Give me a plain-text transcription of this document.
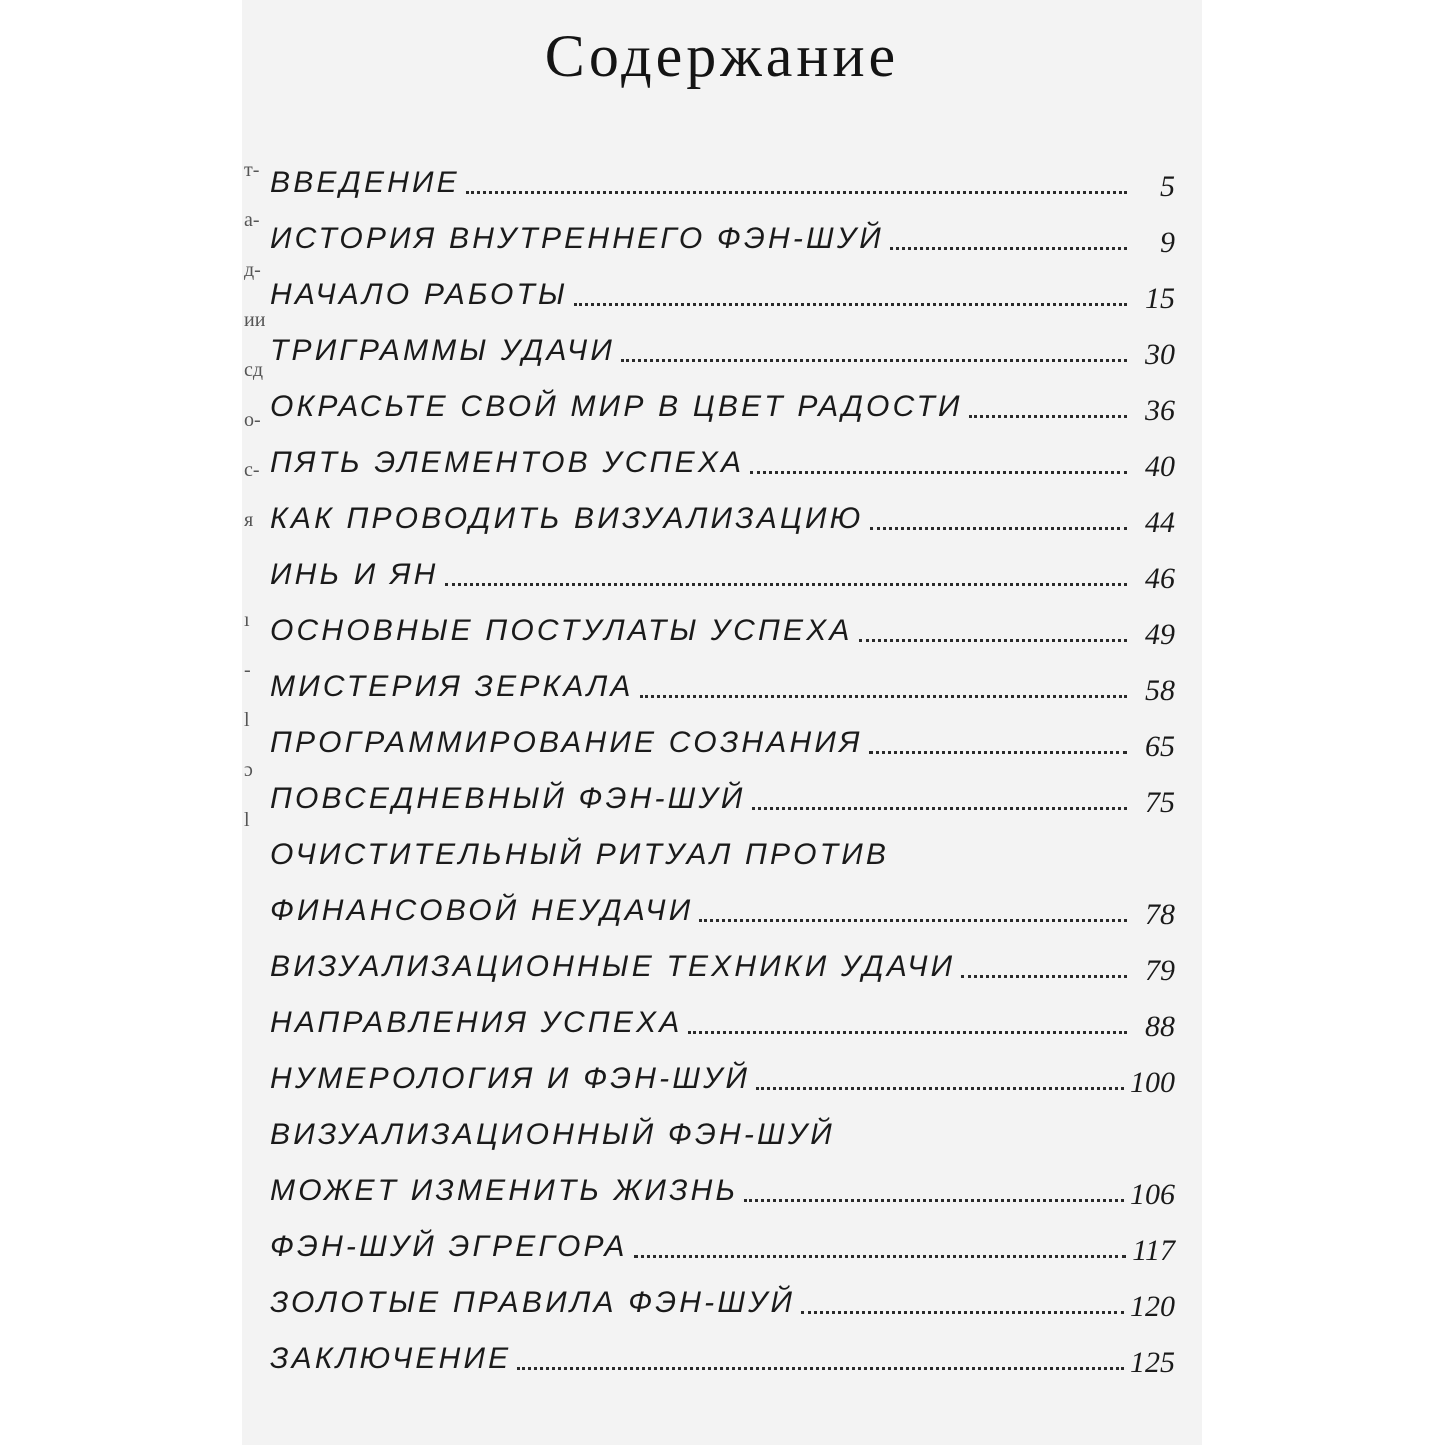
т-
а-
д-
ии
сд
о-
с-
я
ı
-
l
ɔ
l
Содержание
ВВЕДЕНИЕ	5
ИСТОРИЯ ВНУТРЕННЕГО ФЭН-ШУЙ	9
НАЧАЛО РАБОТЫ	15
ТРИГРАММЫ УДАЧИ	30
ОКРАСЬТЕ СВОЙ МИР В ЦВЕТ РАДОСТИ	36
ПЯТЬ ЭЛЕМЕНТОВ УСПЕХА	40
КАК ПРОВОДИТЬ ВИЗУАЛИЗАЦИЮ	44
ИНЬ И ЯН	46
ОСНОВНЫЕ ПОСТУЛАТЫ УСПЕХА	49
МИСТЕРИЯ ЗЕРКАЛА	58
ПРОГРАММИРОВАНИЕ СОЗНАНИЯ	65
ПОВСЕДНЕВНЫЙ ФЭН-ШУЙ	75
ОЧИСТИТЕЛЬНЫЙ РИТУАЛ ПРОТИВ
ФИНАНСОВОЙ НЕУДАЧИ	78
ВИЗУАЛИЗАЦИОННЫЕ ТЕХНИКИ УДАЧИ	79
НАПРАВЛЕНИЯ УСПЕХА	88
НУМЕРОЛОГИЯ И ФЭН-ШУЙ	100
ВИЗУАЛИЗАЦИОННЫЙ ФЭН-ШУЙ
МОЖЕТ ИЗМЕНИТЬ ЖИЗНЬ	106
ФЭН-ШУЙ ЭГРЕГОРА	117
ЗОЛОТЫЕ ПРАВИЛА ФЭН-ШУЙ	120
ЗАКЛЮЧЕНИЕ	125
